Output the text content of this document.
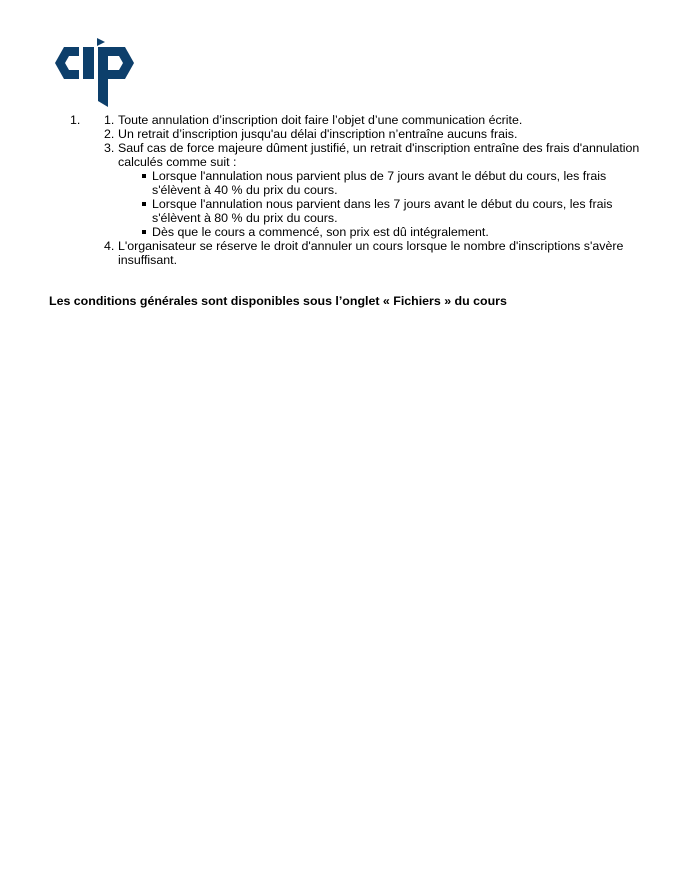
1. 1. Toute annulation d’inscription doit faire l’objet d’une communication écrite.
2. Un retrait d’inscription jusqu'au délai d'inscription n’entraîne aucuns frais.
3. Sauf cas de force majeure dûment justifié, un retrait d'inscription entraîne des frais d'annulation calculés comme suit :
Lorsque l'annulation nous parvient plus de 7 jours avant le début du cours, les frais s'élèvent à 40 % du prix du cours.
Lorsque l'annulation nous parvient dans les 7 jours avant le début du cours, les frais s'élèvent à 80 % du prix du cours.
Dès que le cours a commencé, son prix est dû intégralement.
4. L'organisateur se réserve le droit d'annuler un cours lorsque le nombre d'inscriptions s'avère insuffisant.
Les conditions générales sont disponibles sous l’onglet « Fichiers » du cours
